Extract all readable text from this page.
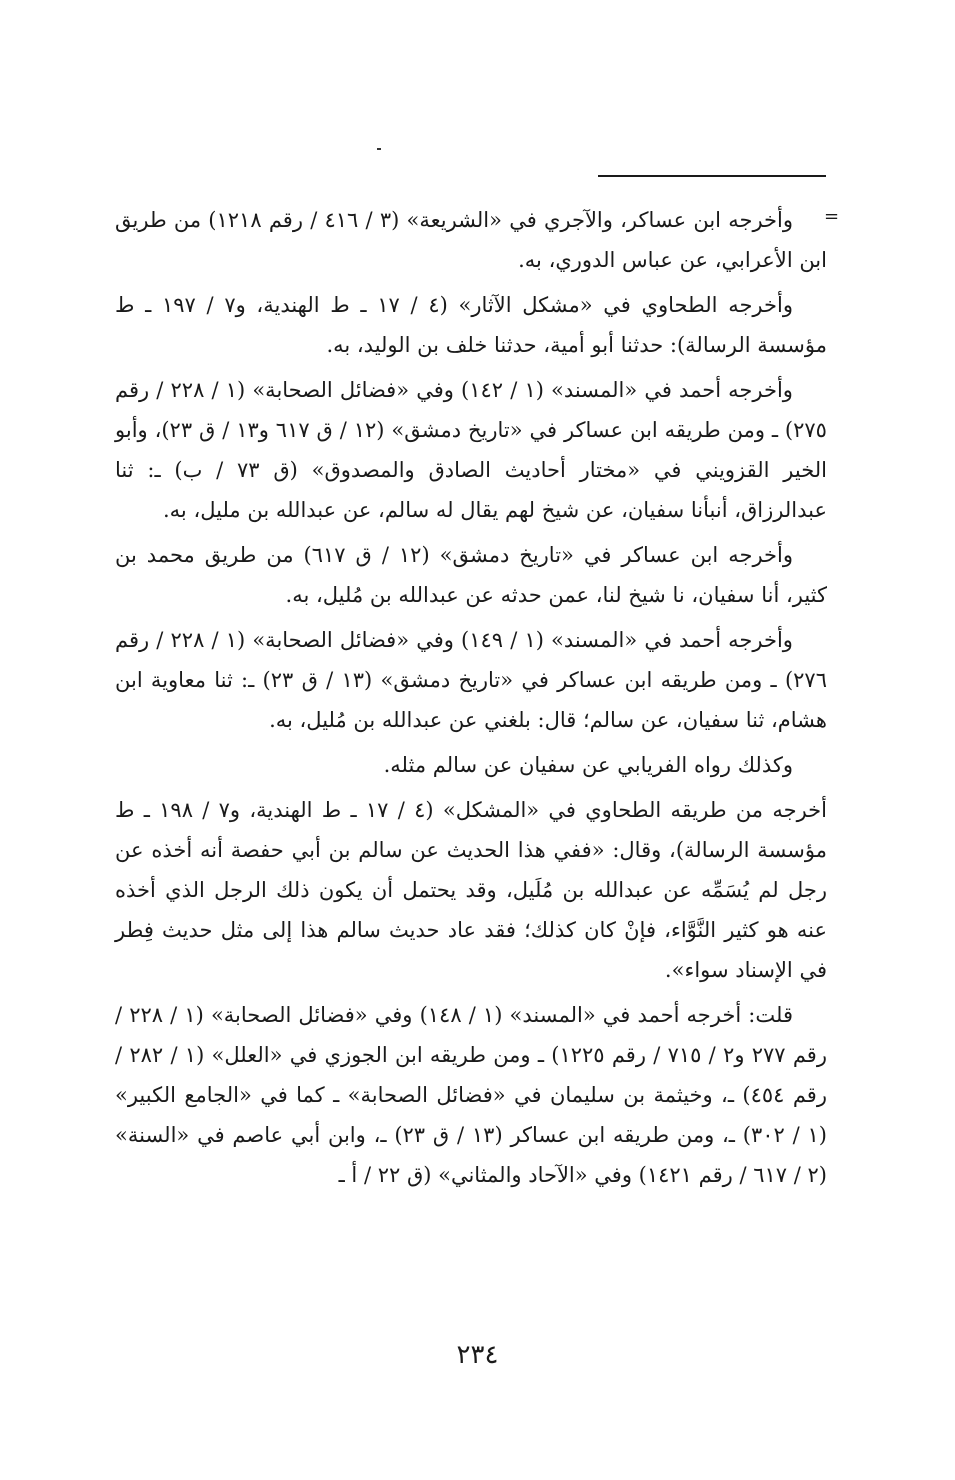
=

وأخرجه ابن عساكر، والآجري في «الشريعة» (٣ / ٤١٦ / رقم ١٢١٨) من طريق ابن الأعرابي، عن عباس الدوري، به.

وأخرجه الطحاوي في «مشكل الآثار» (٤ / ١٧ ـ ط الهندية، و٧ / ١٩٧ ـ ط مؤسسة الرسالة): حدثنا أبو أمية، حدثنا خلف بن الوليد، به.

وأخرجه أحمد في «المسند» (١ / ١٤٢) وفي «فضائل الصحابة» (١ / ٢٢٨ / رقم ٢٧٥) ـ ومن طريقه ابن عساكر في «تاريخ دمشق» (١٢ / ق ٦١٧ و١٣ / ق ٢٣)، وأبو الخير القزويني في «مختار أحاديث الصادق والمصدوق» (ق ٧٣ / ب) ـ: ثنا عبدالرزاق، أنبأنا سفيان، عن شيخ لهم يقال له سالم، عن عبدالله بن مليل، به.

وأخرجه ابن عساكر في «تاريخ دمشق» (١٢ / ق ٦١٧) من طريق محمد بن كثير، أنا سفيان، نا شيخ لنا، عمن حدثه عن عبدالله بن مُليل، به.

وأخرجه أحمد في «المسند» (١ / ١٤٩) وفي «فضائل الصحابة» (١ / ٢٢٨ / رقم ٢٧٦) ـ ومن طريقه ابن عساكر في «تاريخ دمشق» (١٣ / ق ٢٣) ـ: ثنا معاوية ابن هشام، ثنا سفيان، عن سالم؛ قال: بلغني عن عبدالله بن مُليل، به.

وكذلك رواه الفريابي عن سفيان عن سالم مثله.

أخرجه من طريقه الطحاوي في «المشكل» (٤ / ١٧ ـ ط الهندية، و٧ / ١٩٨ ـ ط مؤسسة الرسالة)، وقال: «ففي هذا الحديث عن سالم بن أبي حفصة أنه أخذه عن رجل لم يُسَمِّه عن عبدالله بن مُلَيل، وقد يحتمل أن يكون ذلك الرجل الذي أخذه عنه هو كثير النَّوَّاء، فإنْ كان كذلك؛ فقد عاد حديث سالم هذا إلى مثل حديث فِطر في الإسناد سواء».

قلت: أخرجه أحمد في «المسند» (١ / ١٤٨) وفي «فضائل الصحابة» (١ / ٢٢٨ / رقم ٢٧٧ و٢ / ٧١٥ / رقم ١٢٢٥) ـ ومن طريقه ابن الجوزي في «العلل» (١ / ٢٨٢ / رقم ٤٥٤) ـ، وخيثمة بن سليمان في «فضائل الصحابة» ـ كما في «الجامع الكبير» (١ / ٣٠٢) ـ، ومن طريقه ابن عساكر (١٣ / ق ٢٣) ـ، وابن أبي عاصم في «السنة» (٢ / ٦١٧ / رقم ١٤٢١) وفي «الآحاد والمثاني» (ق ٢٢ / أ ـ

٢٣٤
